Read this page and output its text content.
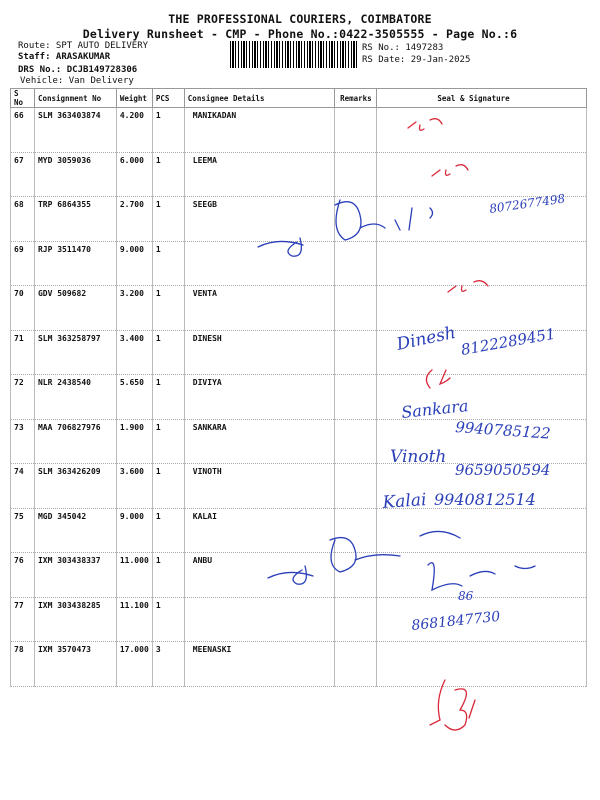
THE PROFESSIONAL COURIERS, COIMBATORE
Delivery Runsheet - CMP - Phone No.:0422-3505555 - Page No.:6
Route: SPT AUTO DELIVERY
Staff: ARASAKUMAR
DRS No.: DCJB149728306
Vehicle: Van Delivery
RS No.: 1497283
RS Date: 29-Jan-2025
S No	Consignment No	Weight	PCS	Consignee Details	Remarks	Seal & Signature
66	SLM 363403874	4.200	1	MANIKADAN		
67	MYD 3059036	6.000	1	LEEMA		
68	TRP 6864355	2.700	1	SEEGB		
69	RJP 3511470	9.000	1			
70	GDV 509682	3.200	1	VENTA		
71	SLM 363258797	3.400	1	DINESH		
72	NLR 2438540	5.650	1	DIVIYA		
73	MAA 706827976	1.900	1	SANKARA		
74	SLM 363426209	3.600	1	VINOTH		
75	MGD 345042	9.000	1	KALAI		
76	IXM 303438337	11.000	1	ANBU		
77	IXM 303438285	11.100	1			
78	IXM 3570473	17.000	3	MEENASKI		
8072677498
Dinesh 8122289451
Sankara
9940785122
Vinoth
9659050594
Kalai 9940812514
86
8681847730
